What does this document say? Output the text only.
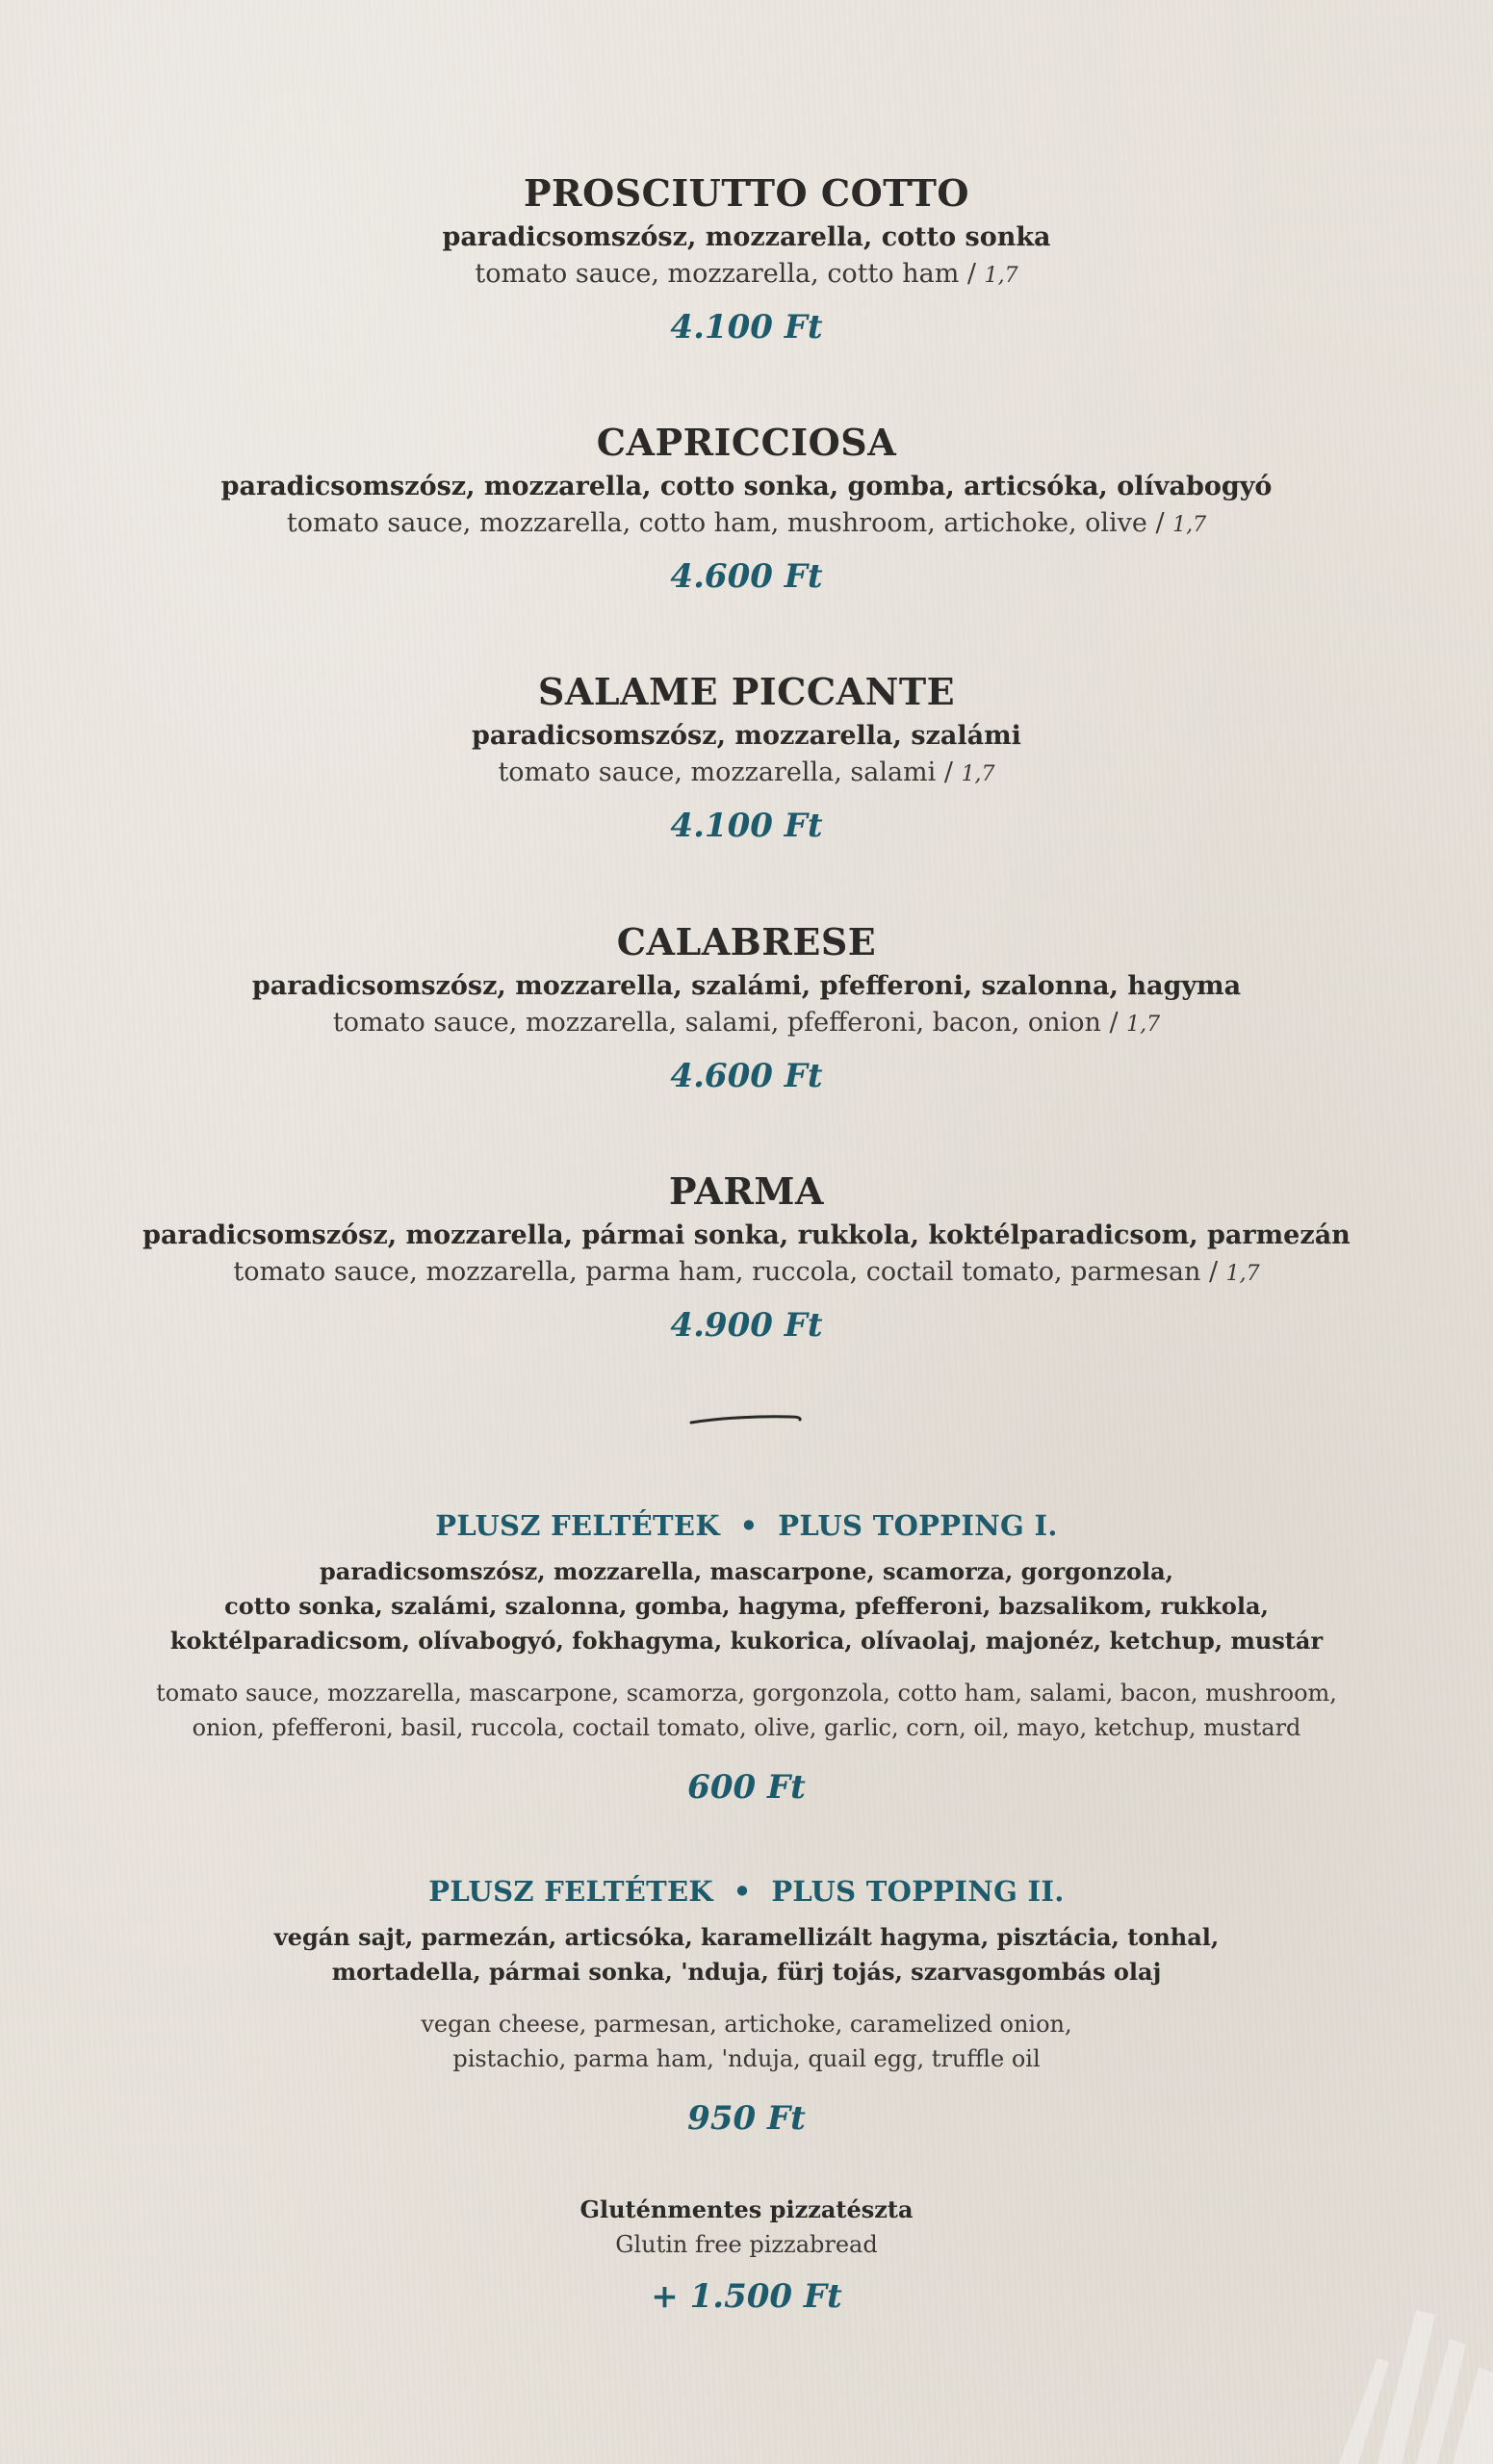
PROSCIUTTO COTTO
paradicsomszósz, mozzarella, cotto sonka
tomato sauce, mozzarella, cotto ham / 1,7
4.100 Ft
CAPRICCIOSA
paradicsomszósz, mozzarella, cotto sonka, gomba, articsóka, olívabogyó
tomato sauce, mozzarella, cotto ham, mushroom, artichoke, olive / 1,7
4.600 Ft
SALAME PICCANTE
paradicsomszósz, mozzarella, szalámi
tomato sauce, mozzarella, salami / 1,7
4.100 Ft
CALABRESE
paradicsomszósz, mozzarella, szalámi, pfefferoni, szalonna, hagyma
tomato sauce, mozzarella, salami, pfefferoni, bacon, onion / 1,7
4.600 Ft
PARMA
paradicsomszósz, mozzarella, pármai sonka, rukkola, koktélparadicsom, parmezán
tomato sauce, mozzarella, parma ham, ruccola, coctail tomato, parmesan / 1,7
4.900 Ft
PLUSZ FELTÉTEK  •  PLUS TOPPING I.
paradicsomszósz, mozzarella, mascarpone, scamorza, gorgonzola,
cotto sonka, szalámi, szalonna, gomba, hagyma, pfefferoni, bazsalikom, rukkola,
koktélparadicsom, olívabogyó, fokhagyma, kukorica, olívaolaj, majonéz, ketchup, mustár
tomato sauce, mozzarella, mascarpone, scamorza, gorgonzola, cotto ham, salami, bacon, mushroom,
onion, pfefferoni, basil, ruccola, coctail tomato, olive, garlic, corn, oil, mayo, ketchup, mustard
600 Ft
PLUSZ FELTÉTEK  •  PLUS TOPPING II.
vegán sajt, parmezán, articsóka, karamellizált hagyma, pisztácia, tonhal,
mortadella, pármai sonka, 'nduja, fürj tojás, szarvasgombás olaj
vegan cheese, parmesan, artichoke, caramelized onion,
pistachio, parma ham, 'nduja, quail egg, truffle oil
950 Ft
Gluténmentes pizzatészta
Glutin free pizzabread
+ 1.500 Ft
